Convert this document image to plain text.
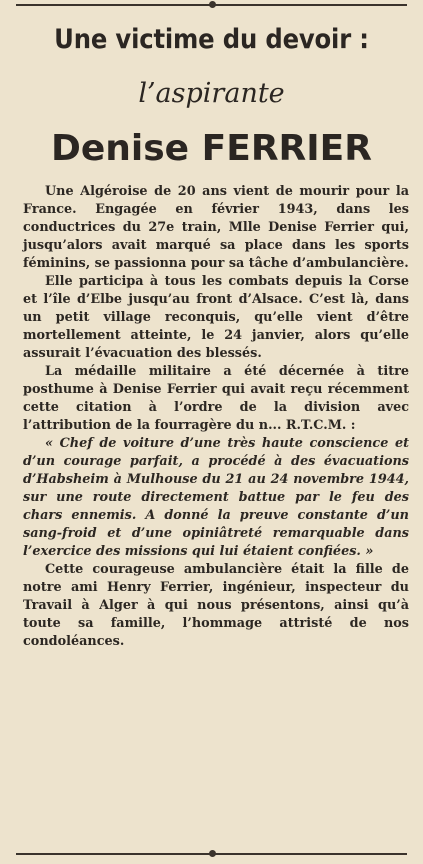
Une victime du devoir :
l’aspirante
Denise FERRIER

Une Algéroise de 20 ans vient de mourir pour la France. Engagée en février 1943, dans les conductrices du 27e train, Mlle Denise Ferrier qui, jusqu’alors avait marqué sa place dans les sports féminins, se passionna pour sa tâche d’ambulancière.

Elle participa à tous les combats depuis la Corse et l’île d’Elbe jusqu’au front d’Alsace. C’est là, dans un petit village reconquis, qu’elle vient d’être mortellement atteinte, le 24 janvier, alors qu’elle assurait l’évacuation des blessés.

La médaille militaire a été décernée à titre posthume à Denise Ferrier qui avait reçu récemment cette citation à l’ordre de la division avec l’attribution de la fourragère du n... R.T.C.M. :

« Chef de voiture d’une très haute conscience et d’un courage parfait, a procédé à des évacuations d’Habsheim à Mulhouse du 21 au 24 novembre 1944, sur une route directement battue par le feu des chars ennemis. A donné la preuve constante d’un sang-froid et d’une opiniâtreté remarquable dans l’exercice des missions qui lui étaient confiées. »

Cette courageuse ambulancière était la fille de notre ami Henry Ferrier, ingénieur, inspecteur du Travail à Alger à qui nous présentons, ainsi qu’à toute sa famille, l’hommage attristé de nos condoléances.
